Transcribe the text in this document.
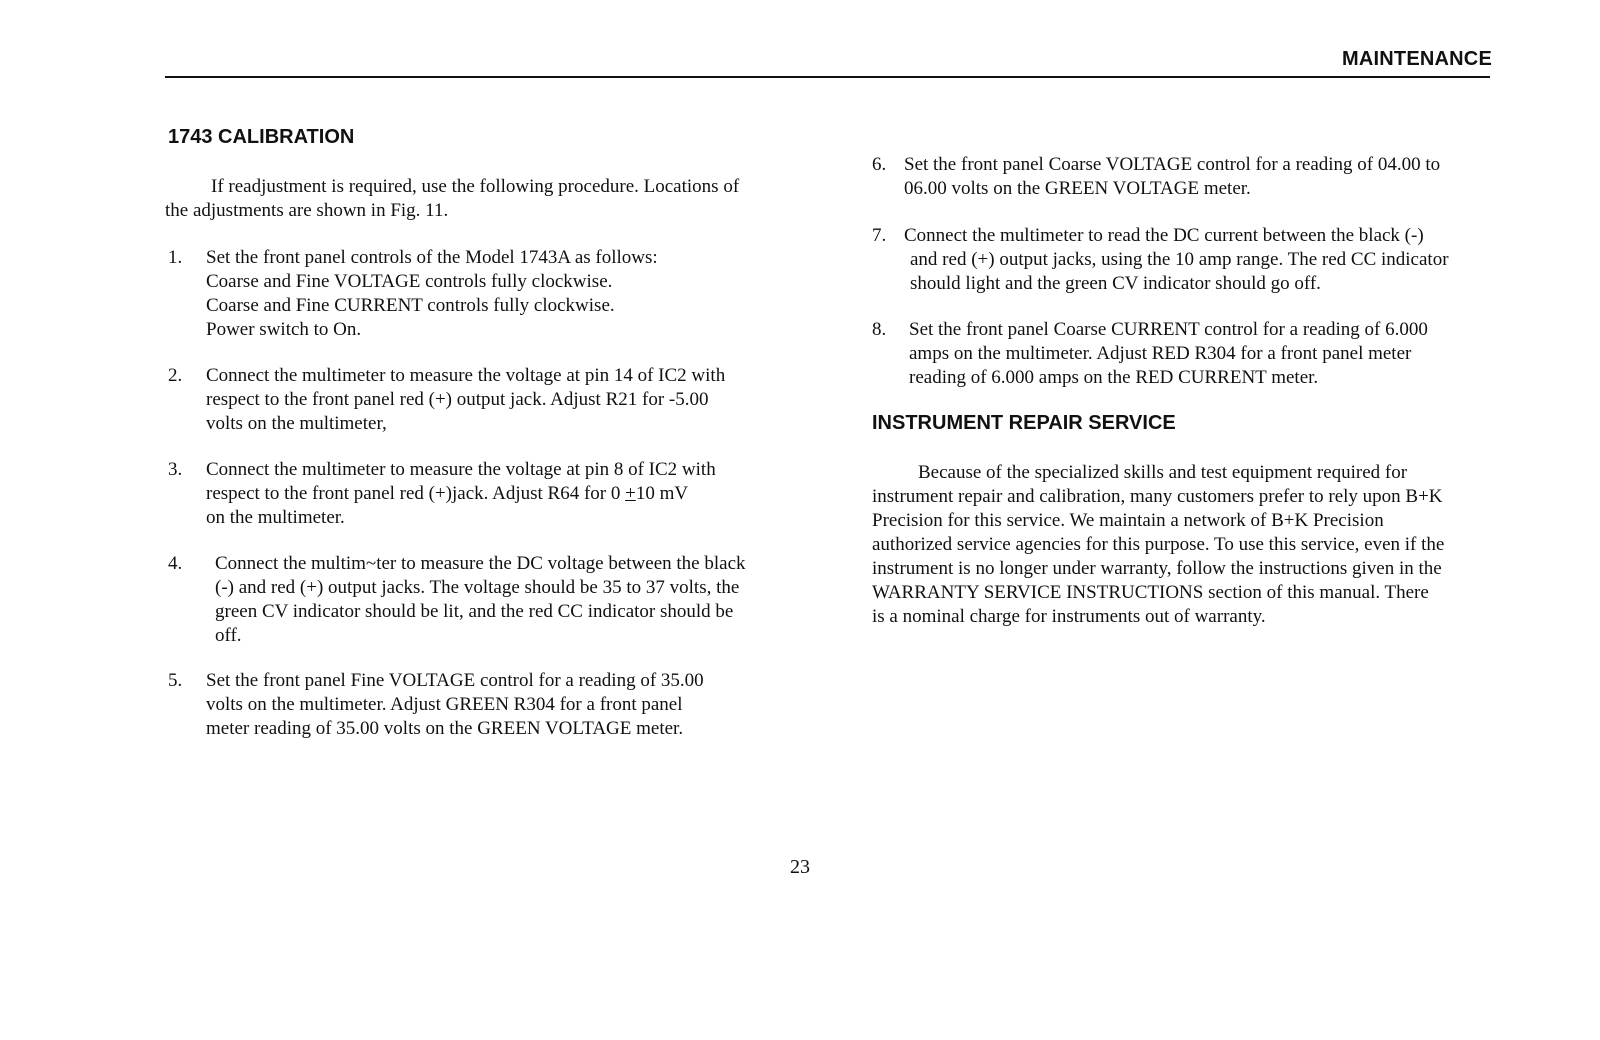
MAINTENANCE
1743 CALIBRATION
If readjustment is required, use the following procedure. Locations of
the adjustments are shown in Fig. 11.
1. Set the front panel controls of the Model 1743A as follows:
Coarse and Fine VOLTAGE controls fully clockwise.
Coarse and Fine CURRENT controls fully clockwise.
Power switch to On.
2. Connect the multimeter to measure the voltage at pin 14 of IC2 with
respect to the front panel red (+) output jack. Adjust R21 for -5.00
volts on the multimeter,
3. Connect the multimeter to measure the voltage at pin 8 of IC2 with
respect to the front panel red (+)jack. Adjust R64 for 0 +10 mV
on the multimeter.
4. Connect the multim~ter to measure the DC voltage between the black
(-) and red (+) output jacks. The voltage should be 35 to 37 volts, the
green CV indicator should be lit, and the red CC indicator should be
off.
5. Set the front panel Fine VOLTAGE control for a reading of 35.00
volts on the multimeter. Adjust GREEN R304 for a front panel
meter reading of 35.00 volts on the GREEN VOLTAGE meter.
6. Set the front panel Coarse VOLTAGE control for a reading of 04.00 to
06.00 volts on the GREEN VOLTAGE meter.
7. Connect the multimeter to read the DC current between the black (-)
and red (+) output jacks, using the 10 amp range. The red CC indicator
should light and the green CV indicator should go off.
8. Set the front panel Coarse CURRENT control for a reading of 6.000
amps on the multimeter. Adjust RED R304 for a front panel meter
reading of 6.000 amps on the RED CURRENT meter.
INSTRUMENT REPAIR SERVICE
Because of the specialized skills and test equipment required for
instrument repair and calibration, many customers prefer to rely upon B+K
Precision for this service. We maintain a network of B+K Precision
authorized service agencies for this purpose. To use this service, even if the
instrument is no longer under warranty, follow the instructions given in the
WARRANTY SERVICE INSTRUCTIONS section of this manual. There
is a nominal charge for instruments out of warranty.
23
